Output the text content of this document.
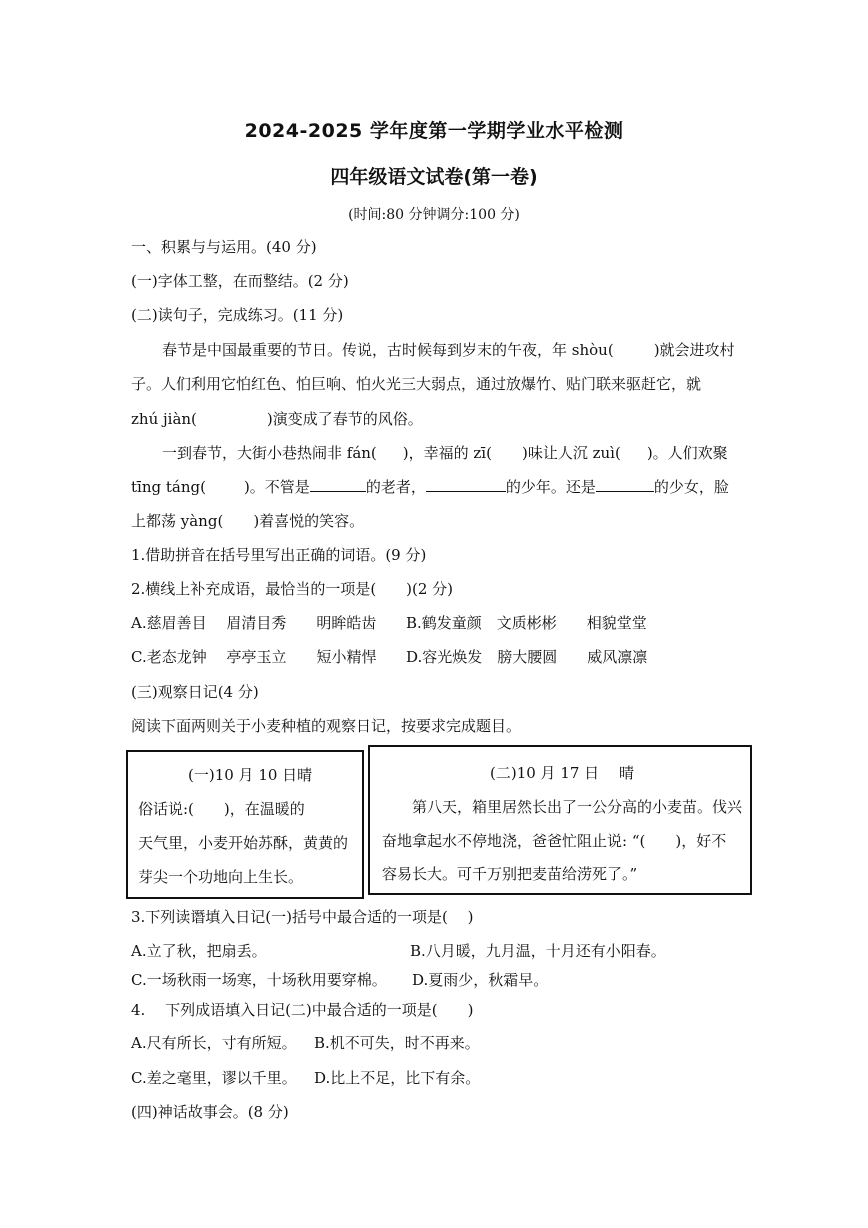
2024-2025 学年度第一学期学业水平检测
四年级语文试卷(第一卷)
(时间:80 分钟调分:100 分)
一、积累与与运用。(40 分)
(一)字体工整，在而整结。(2 分)
(二)读句子，完成练习。(11 分)
春节是中国最重要的节日。传说，古时候每到岁末的午夜，年 shòu(	)就会进攻村
子。人们利用它怕红色、怕巨响、怕火光三大弱点，通过放爆竹、贴门联来驱赶它，就
zhú jiàn(	)演变成了春节的风俗。
一到春节，大街小巷热闹非 fán( )，幸福的 zī( )味让人沉 zuì( )。人们欢聚
tīng táng(	)。不管是	的老者，	的少年。还是	的少女，脸
上都荡 yàng( )着喜悦的笑容。
1.借助拼音在括号里写出正确的词语。(9 分)
2.横线上补充成语，最恰当的一项是(　　)(2 分)
A.慈眉善目　 眉清目秀　　明眸皓齿 B.鹤发童颜　文质彬彬　　相貌堂堂
C.老态龙钟　 亭亭玉立　　短小精悍 D.容光焕发　膀大腰圆　　威风凛凛
(三)观察日记(4 分)
阅读下面两则关于小麦种植的观察日记，按要求完成题目。
(一)10 月 10 日晴
俗话说:( )，在温暖的
天气里，小麦开始苏酥，黄黄的
芽尖一个功地向上生长。
(二)10 月 17 日　 晴
第八天，箱里居然长出了一公分高的小麦苗。伐兴
奋地拿起水不停地浇，爸爸忙阻止说: “( )，好不
容易长大。可千万别把麦苗给涝死了。”
3.下列读谮填入日记(一)括号中最合适的一项是(　 )
A.立了秋，把扇丢。	B.八月暖，九月温，十月还有小阳春。
C.一场秋雨一场寒，十场秋用要穿棉。 D.夏雨少，秋霜早。
4.　 下列成语填入日记(二)中最合适的一项是(　　)
A.尺有所长，寸有所短。 B.机不可失，时不再来。
C.差之毫里，谬以千里。 D.比上不足，比下有余。
(四)神话故事会。(8 分)
